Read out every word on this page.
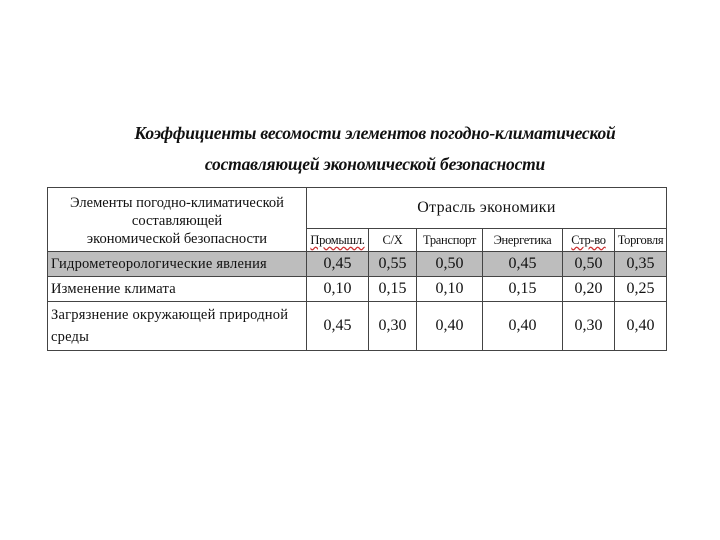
Коэффициенты весомости элементов погодно-климатической
составляющей экономической безопасности
Элементы погодно-климатической
составляющей
экономической безопасности	Отрасль экономики					
	Промышл.	С/Х	Транспорт	Энергетика	Стр-во	Торговля
Гидрометеорологические явления	0,45	0,55	0,50	0,45	0,50	0,35
Изменение климата	0,10	0,15	0,10	0,15	0,20	0,25
Загрязнение окружающей природной среды	0,45	0,30	0,40	0,40	0,30	0,40
